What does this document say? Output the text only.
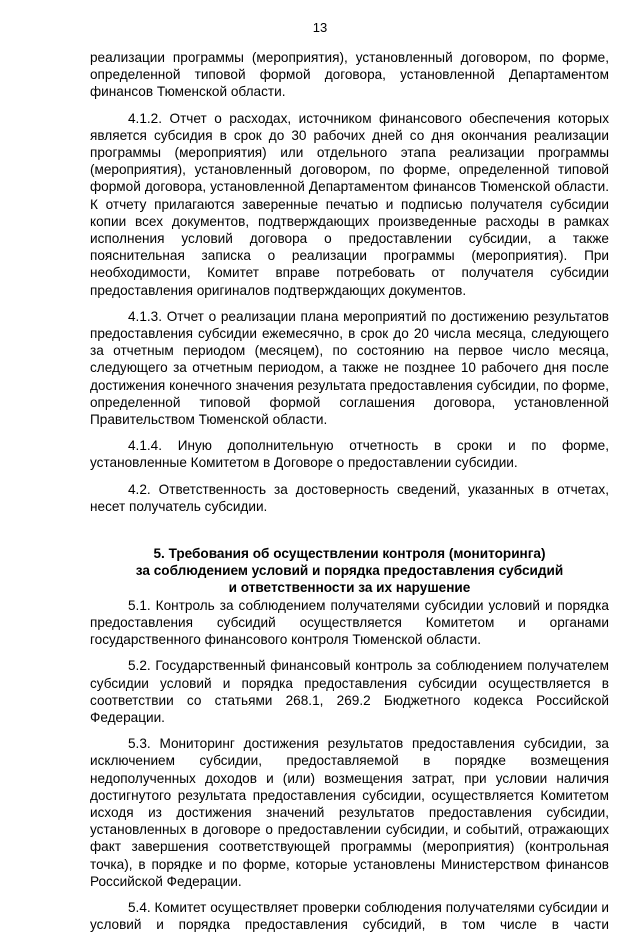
13

реализации программы (мероприятия), установленный договором, по форме, определенной типовой формой договора, установленной Департаментом финансов Тюменской области.

4.1.2. Отчет о расходах, источником финансового обеспечения которых является субсидия в срок до 30 рабочих дней со дня окончания реализации программы (мероприятия) или отдельного этапа реализации программы (мероприятия), установленный договором, по форме, определенной типовой формой договора, установленной Департаментом финансов Тюменской области. К отчету прилагаются заверенные печатью и подписью получателя субсидии копии всех документов, подтверждающих произведенные расходы в рамках исполнения условий договора о предоставлении субсидии, а также пояснительная записка о реализации программы (мероприятия). При необходимости, Комитет вправе потребовать от получателя субсидии предоставления оригиналов подтверждающих документов.

4.1.3. Отчет о реализации плана мероприятий по достижению результатов предоставления субсидии ежемесячно, в срок до 20 числа месяца, следующего за отчетным периодом (месяцем), по состоянию на первое число месяца, следующего за отчетным периодом, а также не позднее 10 рабочего дня после достижения конечного значения результата предоставления субсидии, по форме, определенной типовой формой соглашения договора, установленной Правительством Тюменской области.

4.1.4. Иную дополнительную отчетность в сроки и по форме, установленные Комитетом в Договоре о предоставлении субсидии.

4.2. Ответственность за достоверность сведений, указанных в отчетах, несет получатель субсидии.

5. Требования об осуществлении контроля (мониторинга)
за соблюдением условий и порядка предоставления субсидий
и ответственности за их нарушение

5.1. Контроль за соблюдением получателями субсидии условий и порядка предоставления субсидий осуществляется Комитетом и органами государственного финансового контроля Тюменской области.

5.2. Государственный финансовый контроль за соблюдением получателем субсидии условий и порядка предоставления субсидии осуществляется в соответствии со статьями 268.1, 269.2 Бюджетного кодекса Российской Федерации.

5.3. Мониторинг достижения результатов предоставления субсидии, за исключением субсидии, предоставляемой в порядке возмещения недополученных доходов и (или) возмещения затрат, при условии наличия достигнутого результата предоставления субсидии, осуществляется Комитетом исходя из достижения значений результатов предоставления субсидии, установленных в договоре о предоставлении субсидии, и событий, отражающих факт завершения соответствующей программы (мероприятия) (контрольная точка), в порядке и по форме, которые установлены Министерством финансов Российской Федерации.

5.4. Комитет осуществляет проверки соблюдения получателями субсидии и условий и порядка предоставления субсидий, в том числе в части
